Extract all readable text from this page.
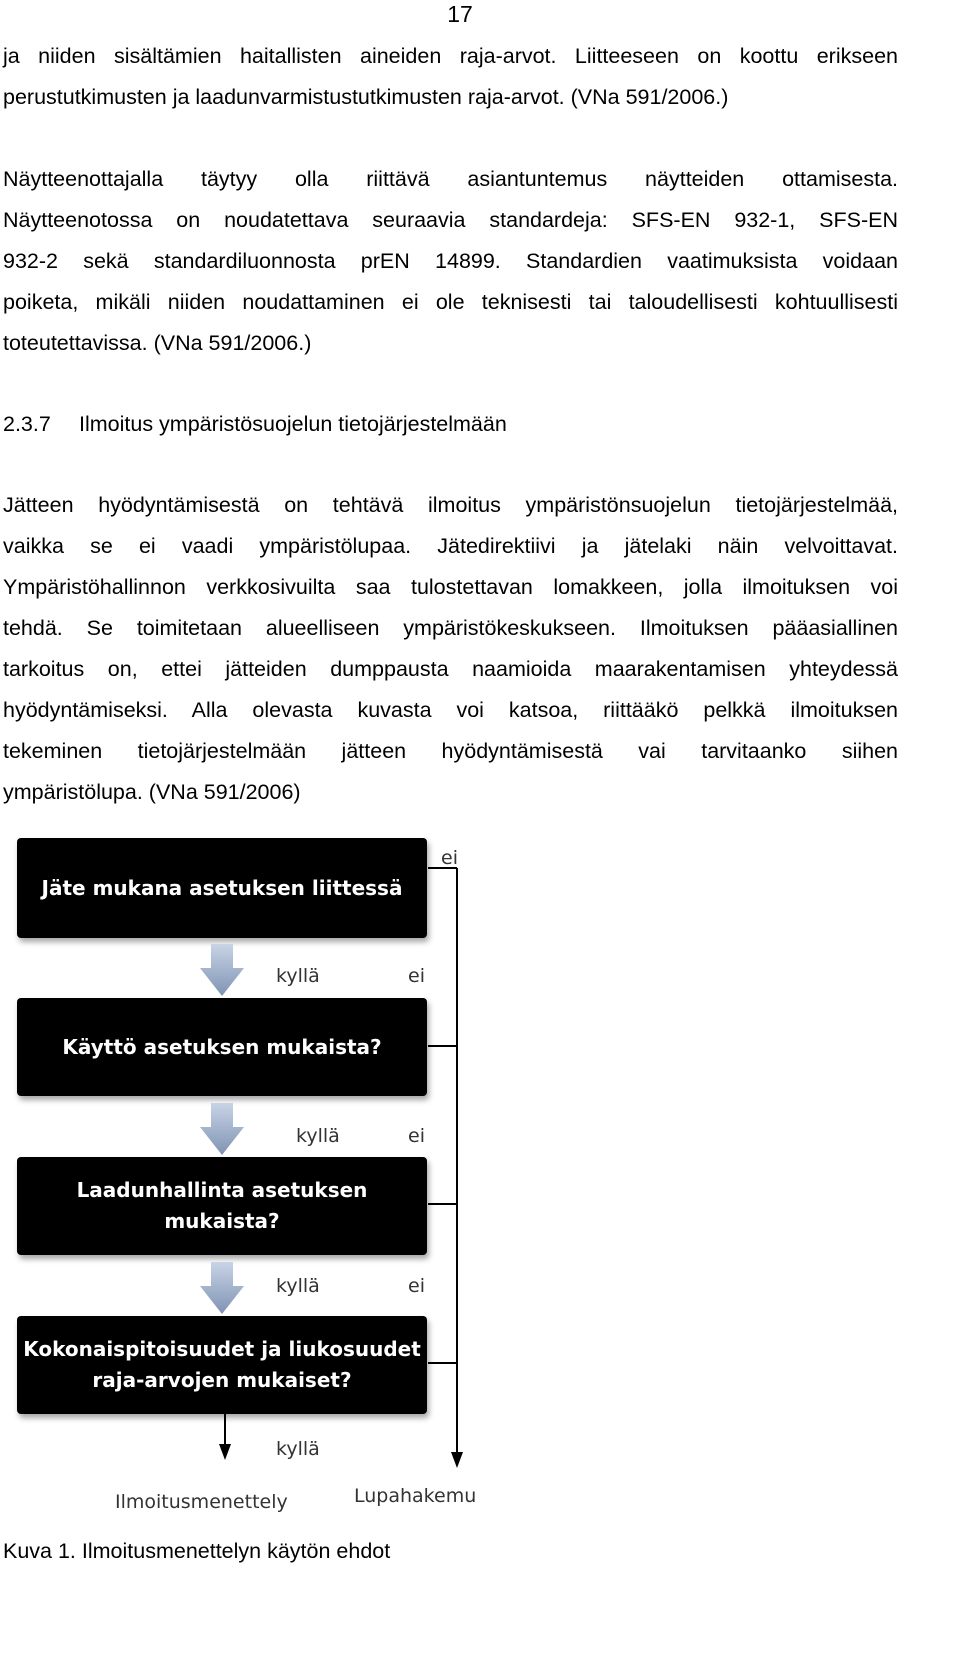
17
ja niiden sisältämien haitallisten aineiden raja-arvot. Liitteeseen on koottu erikseen
perustutkimusten ja laadunvarmistustutkimusten raja-arvot. (VNa 591/2006.)
Näytteenottajalla täytyy olla riittävä asiantuntemus näytteiden ottamisesta.
Näytteenotossa on noudatettava seuraavia standardeja: SFS-EN 932-1, SFS-EN
932-2 sekä standardiluonnosta prEN 14899. Standardien vaatimuksista voidaan
poiketa, mikäli niiden noudattaminen ei ole teknisesti tai taloudellisesti kohtuullisesti
toteutettavissa. (VNa 591/2006.)
2.3.7 Ilmoitus ympäristösuojelun tietojärjestelmään
Jätteen hyödyntämisestä on tehtävä ilmoitus ympäristönsuojelun tietojärjestelmää,
vaikka se ei vaadi ympäristölupaa. Jätedirektiivi ja jätelaki näin velvoittavat.
Ympäristöhallinnon verkkosivuilta saa tulostettavan lomakkeen, jolla ilmoituksen voi
tehdä. Se toimitetaan alueelliseen ympäristökeskukseen. Ilmoituksen pääasiallinen
tarkoitus on, ettei jätteiden dumppausta naamioida maarakentamisen yhteydessä
hyödyntämiseksi. Alla olevasta kuvasta voi katsoa, riittääkö pelkkä ilmoituksen
tekeminen tietojärjestelmään jätteen hyödyntämisestä vai tarvitaanko siihen
ympäristölupa. (VNa 591/2006)
Jäte mukana asetuksen liittessä
Käyttö asetuksen mukaista?
Laadunhallinta asetuksen
mukaista?
Kokonaispitoisuudet ja liukosuudet
raja-arvojen mukaiset?
ei
kyllä	ei
kyllä	ei
kyllä	ei
kyllä
Ilmoitusmenettely	Lupahakemu
Kuva 1. Ilmoitusmenettelyn käytön ehdot
